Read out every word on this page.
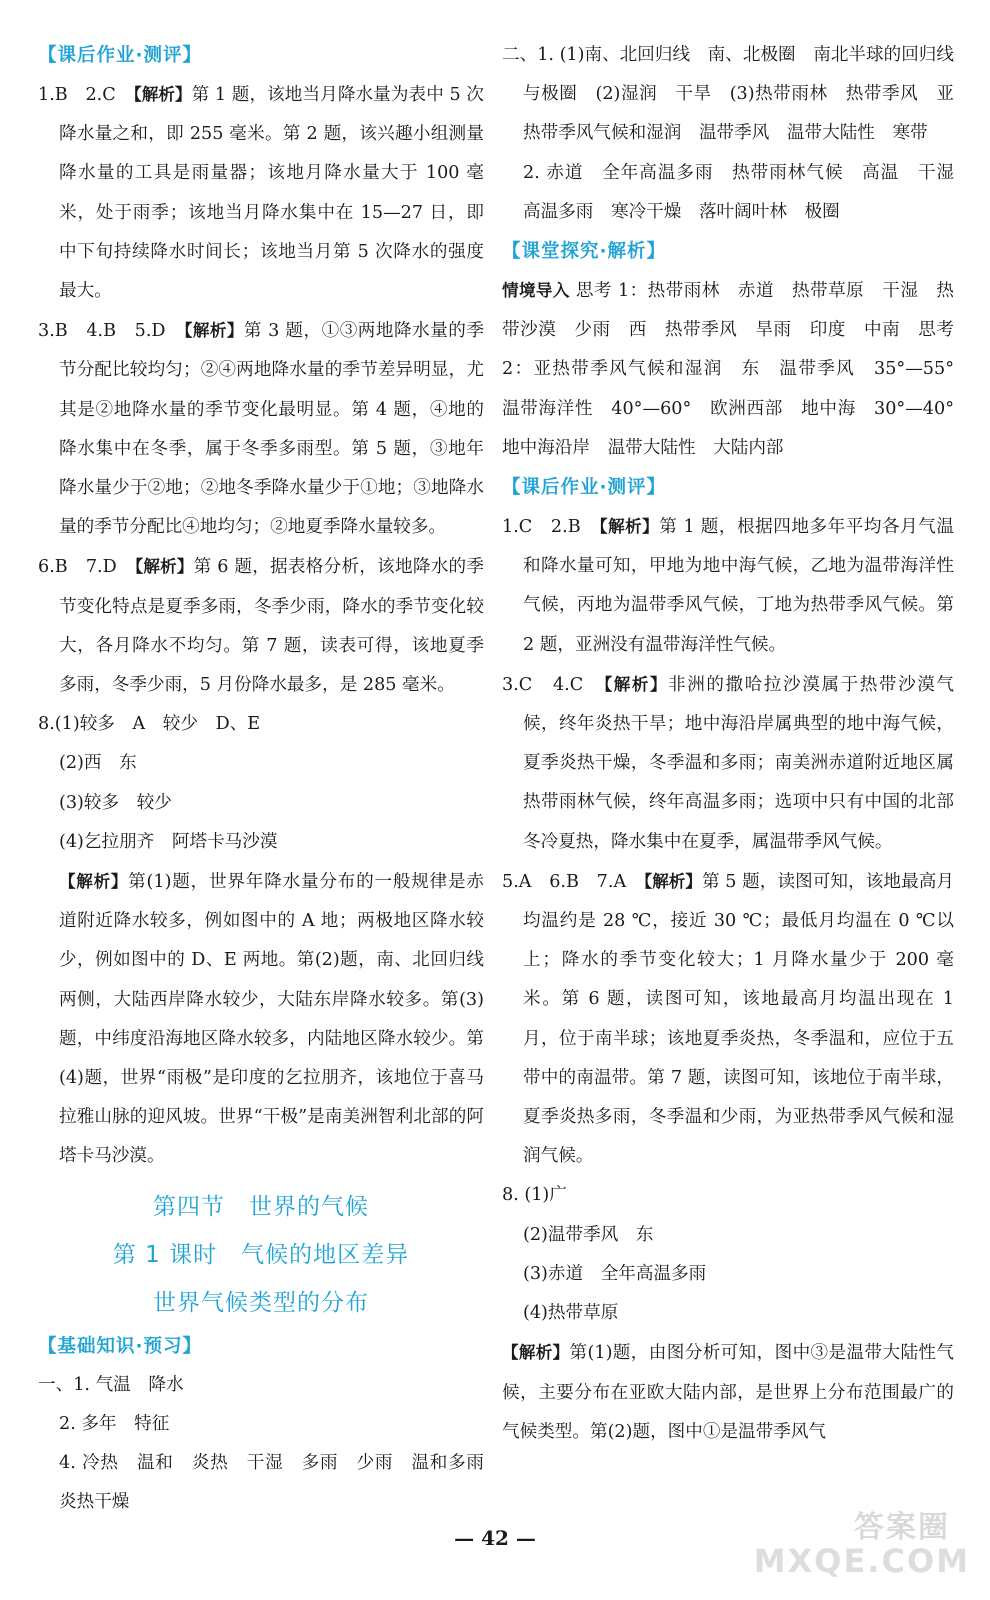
【课后作业·测评】

1.B　2.C　【解析】第 1 题，该地当月降水量为表中 5 次降水量之和，即 255 毫米。第 2 题，该兴趣小组测量降水量的工具是雨量器；该地月降水量大于 100 毫米，处于雨季；该地当月降水集中在 15—27 日，即中下旬持续降水时间长；该地当月第 5 次降水的强度最大。

3.B　4.B　5.D　【解析】第 3 题，①③两地降水量的季节分配比较均匀；②④两地降水量的季节差异明显，尤其是②地降水量的季节变化最明显。第 4 题，④地的降水集中在冬季，属于冬季多雨型。第 5 题，③地年降水量少于②地；②地冬季降水量少于①地；③地降水量的季节分配比④地均匀；②地夏季降水量较多。

6.B　7.D　【解析】第 6 题，据表格分析，该地降水的季节变化特点是夏季多雨，冬季少雨，降水的季节变化较大，各月降水不均匀。第 7 题，读表可得，该地夏季多雨，冬季少雨，5 月份降水最多，是 285 毫米。

8.(1)较多　A　较少　D、E

(2)西　东

(3)较多　较少

(4)乞拉朋齐　阿塔卡马沙漠

【解析】第(1)题，世界年降水量分布的一般规律是赤道附近降水较多，例如图中的 A 地；两极地区降水较少，例如图中的 D、E 两地。第(2)题，南、北回归线两侧，大陆西岸降水较少，大陆东岸降水较多。第(3)题，中纬度沿海地区降水较多，内陆地区降水较少。第(4)题，世界“雨极”是印度的乞拉朋齐，该地位于喜马拉雅山脉的迎风坡。世界“干极”是南美洲智利北部的阿塔卡马沙漠。

第四节　世界的气候

第 1 课时　气候的地区差异

世界气候类型的分布

【基础知识·预习】

一、1. 气温　降水

2. 多年　特征

4. 冷热　温和　炎热　干湿　多雨　少雨　温和多雨　炎热干燥

二、1. (1)南、北回归线　南、北极圈　南北半球的回归线与极圈　(2)湿润　干旱　(3)热带雨林　热带季风　亚热带季风气候和湿润　温带季风　温带大陆性　寒带

2. 赤道　全年高温多雨　热带雨林气候　高温　干湿　高温多雨　寒冷干燥　落叶阔叶林　极圈

【课堂探究·解析】

情境导入 思考 1：热带雨林　赤道　热带草原　干湿　热带沙漠　少雨　西　热带季风　旱雨　印度　中南　思考 2：亚热带季风气候和湿润　东　温带季风　35°—55°　温带海洋性　40°—60°　欧洲西部　地中海　30°—40°　地中海沿岸　温带大陆性　大陆内部

【课后作业·测评】

1.C　2.B　【解析】第 1 题，根据四地多年平均各月气温和降水量可知，甲地为地中海气候，乙地为温带海洋性气候，丙地为温带季风气候，丁地为热带季风气候。第 2 题，亚洲没有温带海洋性气候。

3.C　4.C　【解析】非洲的撒哈拉沙漠属于热带沙漠气候，终年炎热干旱；地中海沿岸属典型的地中海气候，夏季炎热干燥，冬季温和多雨；南美洲赤道附近地区属热带雨林气候，终年高温多雨；选项中只有中国的北部冬冷夏热，降水集中在夏季，属温带季风气候。

5.A　6.B　7.A　【解析】第 5 题，读图可知，该地最高月均温约是 28 ℃，接近 30 ℃；最低月均温在 0 ℃以上；降水的季节变化较大；1 月降水量少于 200 毫米。第 6 题，读图可知，该地最高月均温出现在 1 月，位于南半球；该地夏季炎热，冬季温和，应位于五带中的南温带。第 7 题，读图可知，该地位于南半球，夏季炎热多雨，冬季温和少雨，为亚热带季风气候和湿润气候。

8. (1)广

(2)温带季风　东

(3)赤道　全年高温多雨

(4)热带草原

【解析】第(1)题，由图分析可知，图中③是温带大陆性气候，主要分布在亚欧大陆内部，是世界上分布范围最广的气候类型。第(2)题，图中①是温带季风气

— 42 —	答案圈
MXQE.COM
